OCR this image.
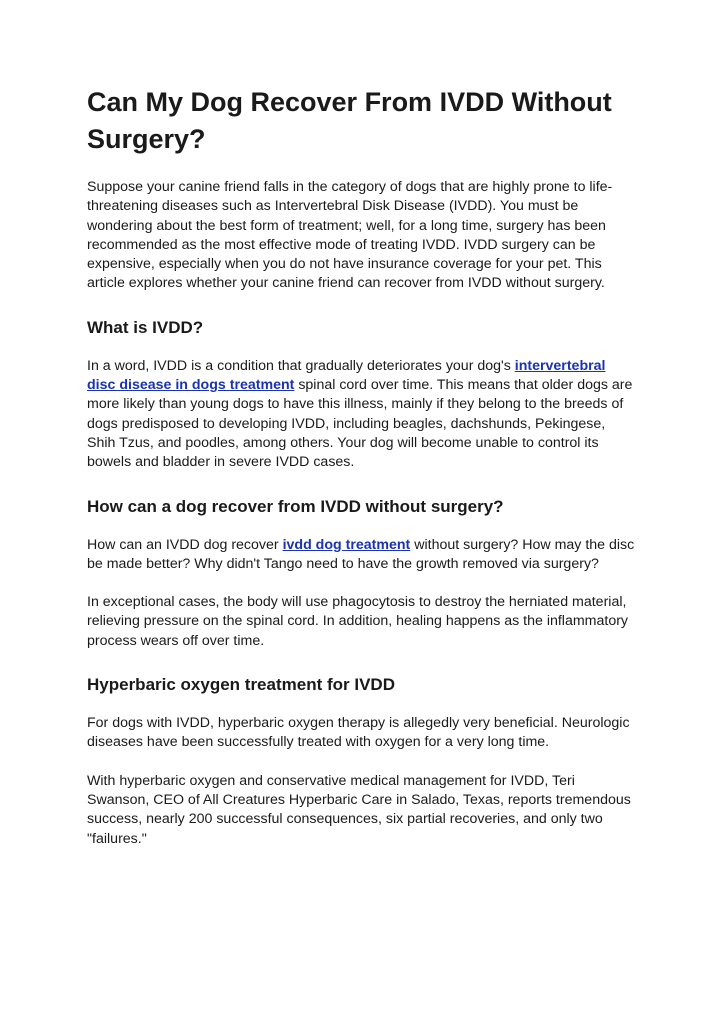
Can My Dog Recover From IVDD Without Surgery?

Suppose your canine friend falls in the category of dogs that are highly prone to life-threatening diseases such as Intervertebral Disk Disease (IVDD). You must be wondering about the best form of treatment; well, for a long time, surgery has been recommended as the most effective mode of treating IVDD. IVDD surgery can be expensive, especially when you do not have insurance coverage for your pet. This article explores whether your canine friend can recover from IVDD without surgery.

What is IVDD?

In a word, IVDD is a condition that gradually deteriorates your dog's intervertebral disc disease in dogs treatment spinal cord over time. This means that older dogs are more likely than young dogs to have this illness, mainly if they belong to the breeds of dogs predisposed to developing IVDD, including beagles, dachshunds, Pekingese, Shih Tzus, and poodles, among others. Your dog will become unable to control its bowels and bladder in severe IVDD cases.

How can a dog recover from IVDD without surgery?

How can an IVDD dog recover ivdd dog treatment without surgery? How may the disc be made better? Why didn't Tango need to have the growth removed via surgery?

In exceptional cases, the body will use phagocytosis to destroy the herniated material, relieving pressure on the spinal cord. In addition, healing happens as the inflammatory process wears off over time.

Hyperbaric oxygen treatment for IVDD

For dogs with IVDD, hyperbaric oxygen therapy is allegedly very beneficial. Neurologic diseases have been successfully treated with oxygen for a very long time.

With hyperbaric oxygen and conservative medical management for IVDD, Teri Swanson, CEO of All Creatures Hyperbaric Care in Salado, Texas, reports tremendous success, nearly 200 successful consequences, six partial recoveries, and only two "failures."
